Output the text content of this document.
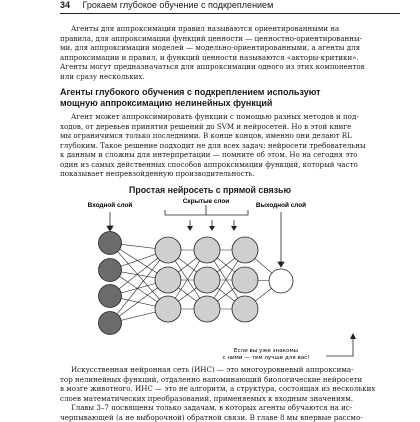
34 Грокаем глубокое обучение с подкреплением

Агенты для аппроксимации правил называются ориентированными на
правила, для аппроксимации функций ценности — ценностно-ориентированны-
ми, для аппроксимации моделей — модельно-ориентированными, а агенты для
аппроксимации и правил, и функций ценности называются «акторы-критики».
Агенты могут предназначаться для аппроксимации одного из этих компонентов
или сразу нескольких.

Агенты глубокого обучения с подкреплением используют
мощную аппроксимацию нелинейных функций

Агент может аппроксимировать функции с помощью разных методов и под-
ходов, от деревьев принятия решений до SVM и нейросетей. Но в этой книге
мы ограничимся только последними. В конце концов, именно они делают RL
глубоким. Такое решение подходит не для всех задач: нейросети требовательны
к данным и сложны для интерпретации — помните об этом. Но на сегодня это
один из самых действенных способов аппроксимации функций, который часто
показывает непревзойденную производительность.

Простая нейросеть с прямой связью
Входной слой
Скрытые слои
Выходной слой
Если вы уже знакомы
с ними — тем лучше для вас!

Искусственная нейронная сеть (ИНС) — это многоуровневый аппроксима-
тор нелинейных функций, отдаленно напоминающий биологические нейросети
в мозге животного. ИНС — это не алгоритм, а структура, состоящая из нескольких
слоев математических преобразований, применяемых к входным значениям.
Главы 3–7 посвящены только задачам, в которых агенты обучаются на ис-
черпывающей (а не выборочной) обратной связи. В главе 8 мы впервые рассмо-
